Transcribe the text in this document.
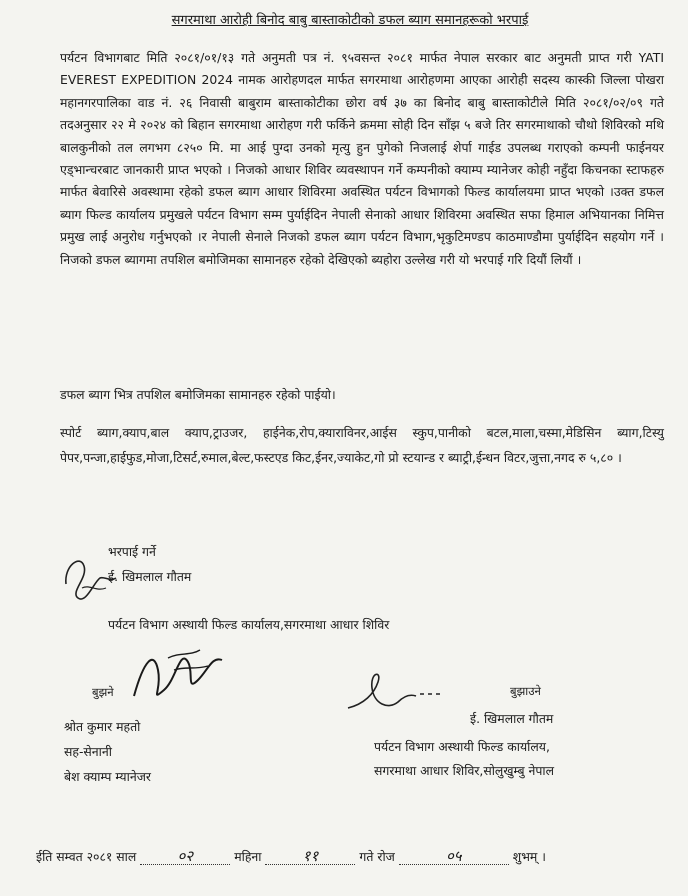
सगरमाथा आरोही बिनोद बाबु बास्ताकोटीको डफल ब्याग समानहरूको भरपाई
पर्यटन विभागबाट मिति २०८१/०१/१३ गते अनुमती पत्र नं. ९५वसन्त २०८१ मार्फत नेपाल सरकार बाट अनुमती प्राप्त गरी YATI EVEREST EXPEDITION 2024 नामक आरोहणदल मार्फत सगरमाथा आरोहणमा आएका आरोही सदस्य कास्की जिल्ला पोखरा महानगरपालिका वाड नं. २६ निवासी बाबुराम बास्ताकोटीका छोरा वर्ष ३७ का बिनोद बाबु बास्ताकोटीले मिति २०८१/०२/०९ गते तदअनुसार २२ मे २०२४ को बिहान सगरमाथा आरोहण गरी फर्किने क्रममा सोही दिन साँझ ५ बजे तिर सगरमाथाको चौथो शिविरको मथि बालकुनीको तल लगभग ८२५० मि. मा आई पुग्दा उनको मृत्यु हुन पुगेको निजलाई शेर्पा गाईड उपलब्ध गराएको कम्पनी फाईनयर एड्भान्चरबाट जानकारी प्राप्त भएको । निजको आधार शिविर व्यवस्थापन गर्ने कम्पनीको क्याम्प म्यानेजर कोही नहुँदा किचनका स्टाफहरु मार्फत बेवारिसे अवस्थामा रहेको डफल ब्याग आधार शिविरमा अवस्थित पर्यटन विभागको फिल्ड कार्यालयमा प्राप्त भएको ।उक्त डफल ब्याग फिल्ड कार्यालय प्रमुखले पर्यटन विभाग सम्म पुर्याईदिन नेपाली सेनाको आधार शिविरमा अवस्थित सफा हिमाल अभियानका निमित्त प्रमुख लाई अनुरोध गर्नुभएको ।र नेपाली सेनाले निजको डफल ब्याग पर्यटन विभाग,भृकुटिमण्डप काठमाण्डौमा पुर्याईदिन सहयोग गर्ने । निजको डफल ब्यागमा तपशिल बमोजिमका सामानहरु रहेको देखिएको ब्यहोरा उल्लेख गरी यो भरपाई गरि दियौं लियौं ।
डफल ब्याग भित्र तपशिल बमोजिमका सामानहरु रहेको पाईयो।
स्पोर्ट ब्याग,क्याप,बाल क्याप,ट्राउजर, हाईनेक,रोप,क्याराविनर,आईस स्कुप,पानीको बटल,माला,चस्मा,मेडिसिन ब्याग,टिस्यु पेपर,पन्जा,हाईफुड,मोजा,टिसर्ट,रुमाल,बेल्ट,फस्टएड किट,ईनर,ज्याकेट,गो प्रो स्टयान्ड र ब्याट्री,ईन्धन विटर,जुत्ता,नगद रु ५,८० ।
भरपाई गर्ने
ई. खिमलाल गौतम
पर्यटन विभाग अस्थायी फिल्ड कार्यालय,सगरमाथा आधार शिविर
बुझने
श्रोत कुमार महतो
सह-सेनानी
बेश क्याम्प म्यानेजर
बुझाउने
ई. खिमलाल गौतम
पर्यटन विभाग अस्थायी फिल्ड कार्यालय,
सगरमाथा आधार शिविर,सोलुखुम्बु नेपाल
ईति सम्वत २०८१ साल	०२	महिना	११	गते रोज	०५	शुभम् ।
